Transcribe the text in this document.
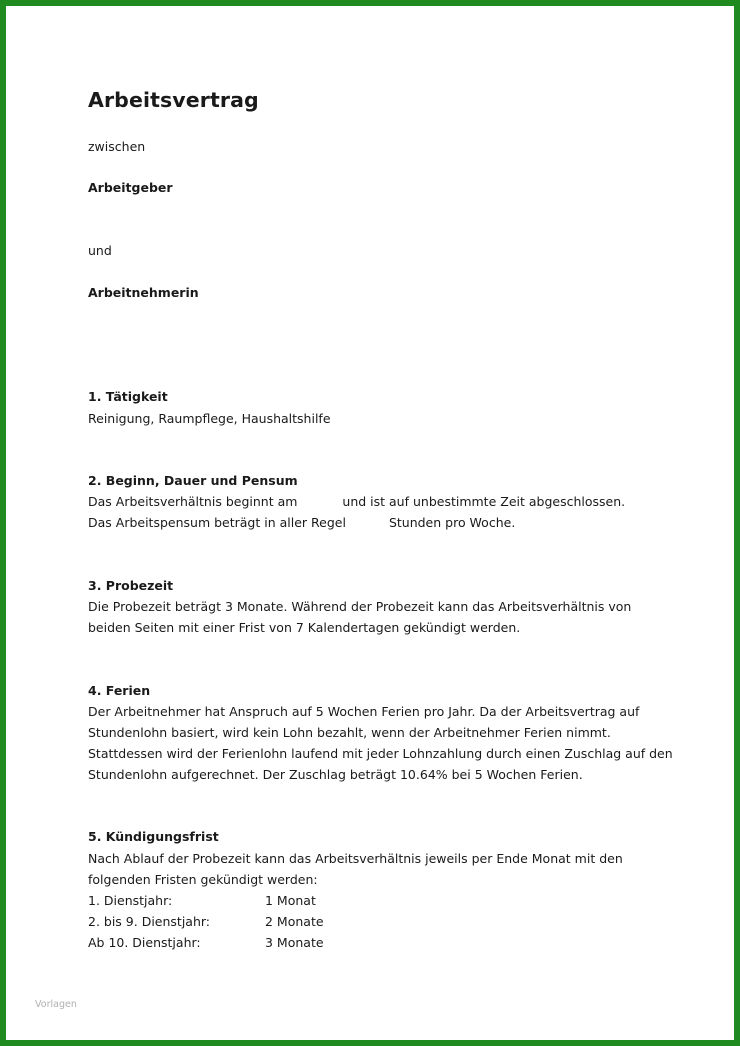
Arbeitsvertrag
zwischen
Arbeitgeber
und
Arbeitnehmerin
1. Tätigkeit
Reinigung, Raumpflege, Haushaltshilfe
2. Beginn, Dauer und Pensum
Das Arbeitsverhältnis beginnt am	und ist auf unbestimmte Zeit abgeschlossen.
Das Arbeitspensum beträgt in aller Regel	Stunden pro Woche.
3. Probezeit
Die Probezeit beträgt 3 Monate. Während der Probezeit kann das Arbeitsverhältnis von
beiden Seiten mit einer Frist von 7 Kalendertagen gekündigt werden.
4. Ferien
Der Arbeitnehmer hat Anspruch auf 5 Wochen Ferien pro Jahr. Da der Arbeitsvertrag auf
Stundenlohn basiert, wird kein Lohn bezahlt, wenn der Arbeitnehmer Ferien nimmt.
Stattdessen wird der Ferienlohn laufend mit jeder Lohnzahlung durch einen Zuschlag auf den
Stundenlohn aufgerechnet. Der Zuschlag beträgt 10.64% bei 5 Wochen Ferien.
5. Kündigungsfrist
Nach Ablauf der Probezeit kann das Arbeitsverhältnis jeweils per Ende Monat mit den
folgenden Fristen gekündigt werden:
1. Dienstjahr:	1 Monat
2. bis 9. Dienstjahr:	2 Monate
Ab 10. Dienstjahr:	3 Monate
Vorlagen
